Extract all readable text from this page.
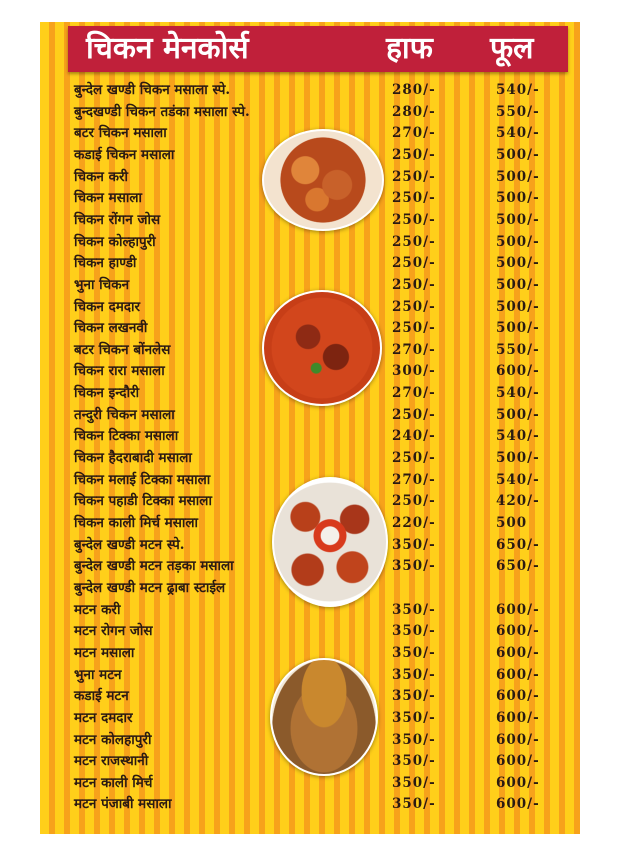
चिकन मेनकोर्स	हाफ फूल
बुन्देल खण्डी चिकन मसाला स्पे.	280/-	540/-
बुन्दखण्डी चिकन तडंका मसाला स्पे.	280/-	550/-
बटर चिकन मसाला	270/-	540/-
कडाई चिकन मसाला	250/-	500/-
चिकन करी	250/-	500/-
चिकन मसाला	250/-	500/-
चिकन रोंगन जोस	250/-	500/-
चिकन कोल्हापुरी	250/-	500/-
चिकन हाण्डी	250/-	500/-
भुना चिकन	250/-	500/-
चिकन दमदार	250/-	500/-
चिकन लखनवी	250/-	500/-
बटर चिकन बोंनलेस	270/-	550/-
चिकन रारा मसाला	300/-	600/-
चिकन इन्दौरी	270/-	540/-
तन्दुरी चिकन मसाला	250/-	500/-
चिकन टिक्का मसाला	240/-	540/-
चिकन हैदराबादी मसाला	250/-	500/-
चिकन मलाई टिक्का मसाला	270/-	540/-
चिकन पहाडी टिक्का मसाला	250/-	420/-
चिकन काली मिर्च मसाला	220/-	500
बुन्देल खण्डी मटन स्पे.	350/-	650/-
बुन्देल खण्डी मटन तड़का मसाला	350/-	650/-
बुन्देल खण्डी मटन ढ्राबा स्टाईल
मटन करी	350/-	600/-
मटन रोगन जोस	350/-	600/-
मटन मसाला	350/-	600/-
भुना मटन	350/-	600/-
कडाई मटन	350/-	600/-
मटन दमदार	350/-	600/-
मटन कोलहापुरी	350/-	600/-
मटन राजस्थानी	350/-	600/-
मटन काली मिर्च	350/-	600/-
मटन पंजाबी मसाला	350/-	600/-
